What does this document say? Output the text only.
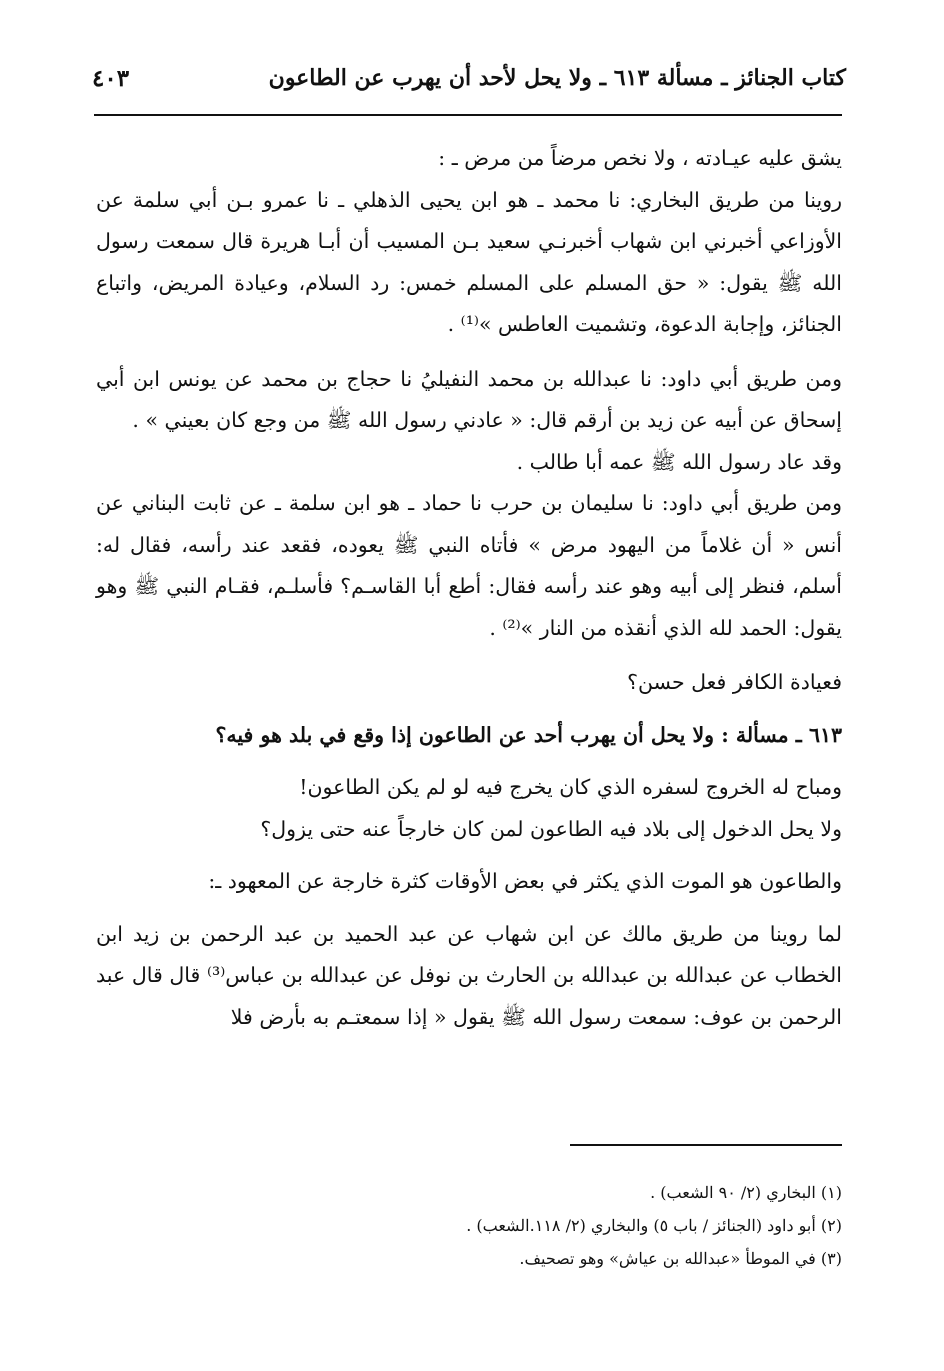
كتاب الجنائز ـ مسألة ٦١٣ ـ ولا يحل لأحد أن يهرب عن الطاعون
٤٠٣

يشق عليه عيـادته ، ولا نخص مرضاً من مرض ـ :

روينا من طريق البخاري: نا محمد ـ هو ابن يحيى الذهلي ـ نا عمرو بـن أبي سلمة عن الأوزاعي أخبرني ابن شهاب أخبرنـي سعيد بـن المسيب أن أبـا هريرة قال سمعت رسول الله ﷺ يقول: « حق المسلم على المسلم خمس: رد السلام، وعيادة المريض، واتباع الجنائز، وإجابة الدعوة، وتشميت العاطس »⁽¹⁾ .

ومن طريق أبي داود: نا عبدالله بن محمد النفيليُ نا حجاج بن محمد عن يونس ابن أبي إسحاق عن أبيه عن زيد بن أرقم قال: « عادني رسول الله ﷺ من وجع كان بعيني » .

وقد عاد رسول الله ﷺ عمه أبا طالب .

ومن طريق أبي داود: نا سليمان بن حرب نا حماد ـ هو ابن سلمة ـ عن ثابت البناني عن أنس « أن غلاماً من اليهود مرض » فأتاه النبي ﷺ يعوده، فقعد عند رأسه، فقال له: أسلم، فنظر إلى أبيه وهو عند رأسه فقال: أطع أبا القاسـم؟ فأسلـم، فقـام النبي ﷺ وهو يقول: الحمد لله الذي أنقذه من النار »⁽²⁾ .

فعيادة الكافر فعل حسن؟

٦١٣ ـ مسألة : ولا يحل أن يهرب أحد عن الطاعون إذا وقع في بلد هو فيه؟

ومباح له الخروج لسفره الذي كان يخرج فيه لو لم يكن الطاعون!

ولا يحل الدخول إلى بلاد فيه الطاعون لمن كان خارجاً عنه حتى يزول؟

والطاعون هو الموت الذي يكثر في بعض الأوقات كثرة خارجة عن المعهود ـ:

لما روينا من طريق مالك عن ابن شهاب عن عبد الحميد بن عبد الرحمن بن زيد ابن الخطاب عن عبدالله بن عبدالله بن الحارث بن نوفل عن عبدالله بن عباس⁽³⁾ قال قال عبد الرحمن بن عوف: سمعت رسول الله ﷺ يقول « إذا سمعتـم به بأرض فلا

(١) البخاري (٢/ ٩٠ الشعب) .

(٢) أبو داود (الجنائز / باب ٥) والبخاري (٢/ ١١٨.الشعب) .

(٣) في الموطأ «عبدالله بن عياش» وهو تصحيف.
